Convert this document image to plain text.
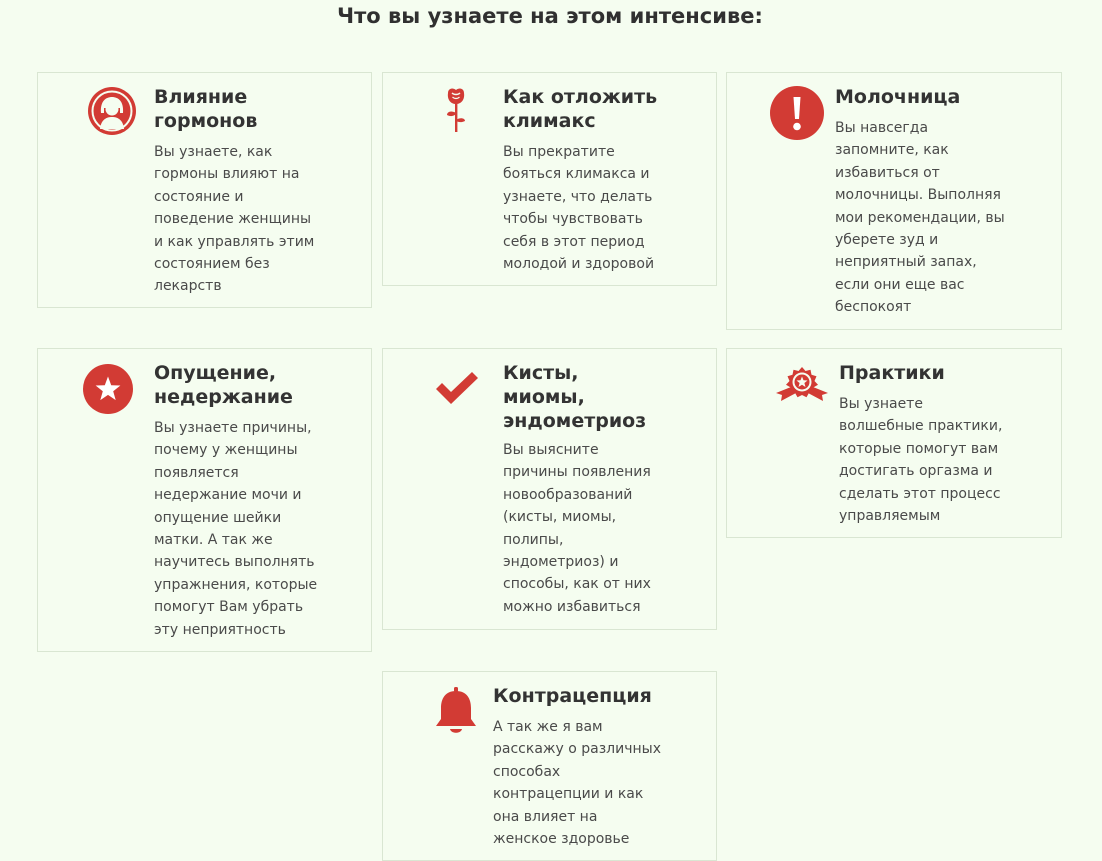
Что вы узнаете на этом интенсиве:
Влияние
гормонов

Вы узнаете, как
гормоны влияют на
состояние и
поведение женщины
и как управлять этим
состоянием без
лекарств

Как отложить
климакс

Вы прекратите
бояться климакса и
узнаете, что делать
чтобы чувствовать
себя в этот период
молодой и здоровой

Молочница

Вы навсегда
запомните, как
избавиться от
молочницы. Выполняя
мои рекомендации, вы
уберете зуд и
неприятный запах,
если они еще вас
беспокоят

Опущение,
недержание

Вы узнаете причины,
почему у женщины
появляется
недержание мочи и
опущение шейки
матки. А так же
научитесь выполнять
упражнения, которые
помогут Вам убрать
эту неприятность

Кисты,
миомы,
эндометриоз

Вы выясните
причины появления
новообразований
(кисты, миомы,
полипы,
эндометриоз) и
способы, как от них
можно избавиться

Практики

Вы узнаете
волшебные практики,
которые помогут вам
достигать оргазма и
сделать этот процесс
управляемым

Контрацепция

А так же я вам
расскажу о различных
способах
контрацепции и как
она влияет на
женское здоровье
